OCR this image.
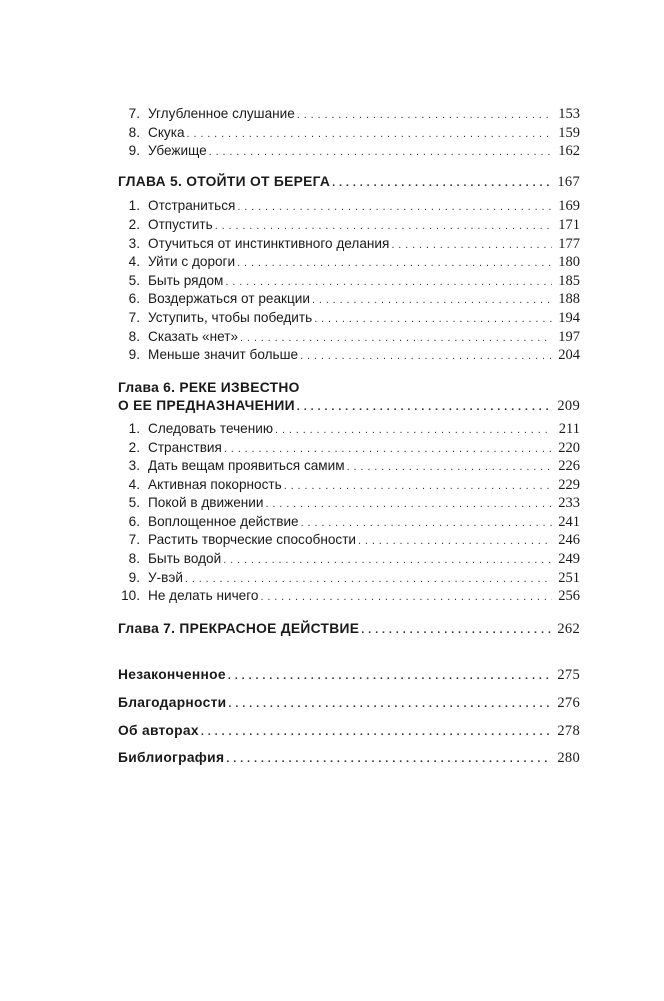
7. Углубленное слушание . . .	153
8. Скука . . .	159
9. Убежище . . .	162
ГЛАВА 5. ОТОЙТИ ОТ БЕРЕГА . . .	167
1. Отстраниться . . .	169
2. Отпустить . . .	171
3. Отучиться от инстинктивного делания . . .	177
4. Уйти с дороги . . .	180
5. Быть рядом . . .	185
6. Воздержаться от реакции . . .	188
7. Уступить, чтобы победить . . .	194
8. Сказать «нет» . . .	197
9. Меньше значит больше . . .	204
Глава 6. РЕКЕ ИЗВЕСТНО
О ЕЕ ПРЕДНАЗНАЧЕНИИ . . .	209
1. Следовать течению . . .	211
2. Странствия . . .	220
3. Дать вещам проявиться самим . . .	226
4. Активная покорность . . .	229
5. Покой в движении . . .	233
6. Воплощенное действие . . .	241
7. Растить творческие способности . . .	246
8. Быть водой . . .	249
9. У-вэй . . .	251
10. Не делать ничего . . .	256
Глава 7. ПРЕКРАСНОЕ ДЕЙСТВИЕ . . .	262
Незаконченное . . .	275
Благодарности . . .	276
Об авторах . . .	278
Библиография . . .	280
